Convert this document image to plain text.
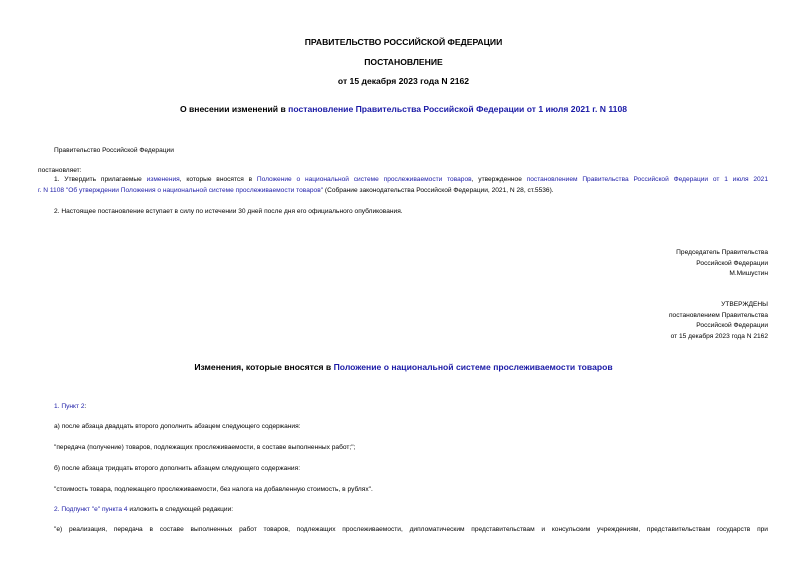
ПРАВИТЕЛЬСТВО РОССИЙСКОЙ ФЕДЕРАЦИИ
ПОСТАНОВЛЕНИЕ
от 15 декабря 2023 года N 2162
О внесении изменений в постановление Правительства Российской Федерации от 1 июля 2021 г. N 1108
Правительство Российской Федерации
постановляет:
1. Утвердить прилагаемые изменения, которые вносятся в Положение о национальной системе прослеживаемости товаров, утвержденное постановлением Правительства Российской Федерации от 1 июля 2021
г. N 1108 "Об утверждении Положения о национальной системе прослеживаемости товаров" (Собрание законодательства Российской Федерации, 2021, N 28, ст.5536).
2. Настоящее постановление вступает в силу по истечении 30 дней после дня его официального опубликования.
Председатель Правительства
Российской Федерации
М.Мишустин
УТВЕРЖДЕНЫ
постановлением Правительства
Российской Федерации
от 15 декабря 2023 года N 2162
Изменения, которые вносятся в Положение о национальной системе прослеживаемости товаров
1. Пункт 2:
а) после абзаца двадцать второго дополнить абзацем следующего содержания:
"передача (получение) товаров, подлежащих прослеживаемости, в составе выполненных работ;";
б) после абзаца тридцать второго дополнить абзацем следующего содержания:
"стоимость товара, подлежащего прослеживаемости, без налога на добавленную стоимость, в рублях".
2. Подпункт "е" пункта 4 изложить в следующей редакции:
"е) реализация, передача в составе выполненных работ товаров, подлежащих прослеживаемости, дипломатическим представительствам и консульским учреждениям, представительствам государств при
